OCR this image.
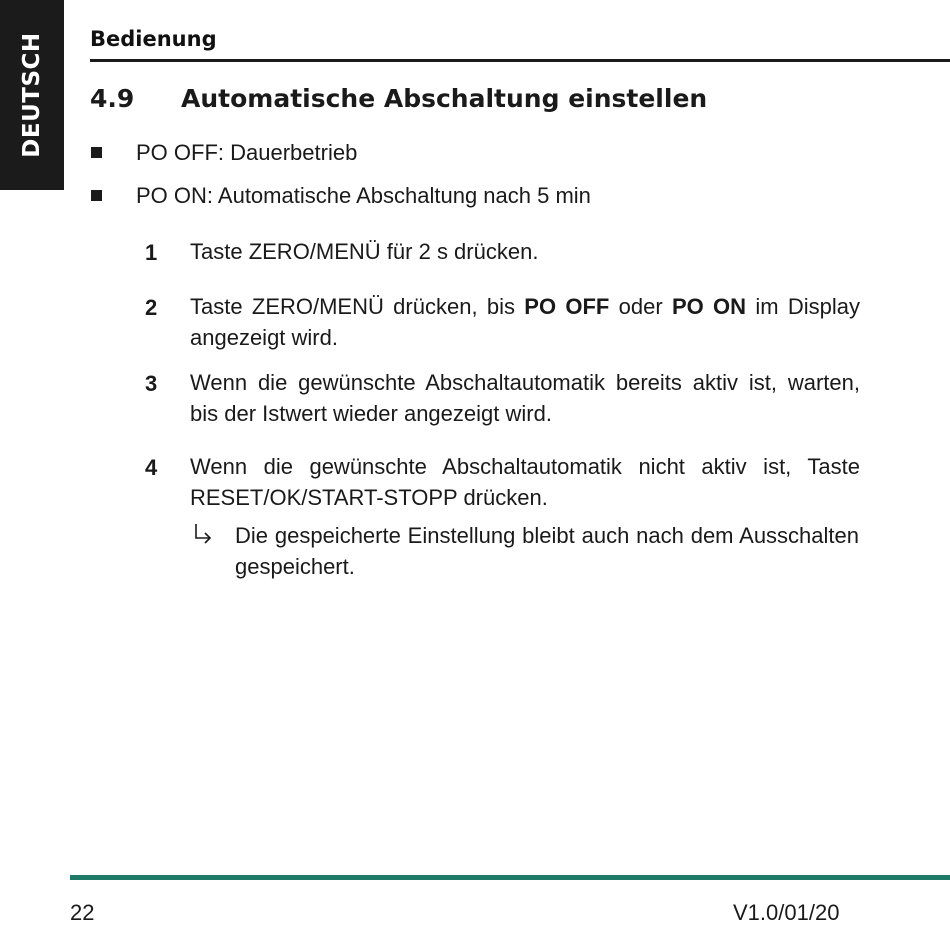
DEUTSCH Bedienung
4.9 Automatische Abschaltung einstellen
PO OFF: Dauerbetrieb
PO ON: Automatische Abschaltung nach 5 min
1 Taste ZERO/MENÜ für 2 s drücken.
2 Taste ZERO/MENÜ drücken, bis PO OFF oder PO ON im Display angezeigt wird.
3 Wenn die gewünschte Abschaltautomatik bereits aktiv ist, warten, bis der Istwert wieder angezeigt wird.
4 Wenn die gewünschte Abschaltautomatik nicht aktiv ist, Taste RESET/OK/START-STOPP drücken.
Die gespeicherte Einstellung bleibt auch nach dem Ausschalten gespeichert.
22	V1.0/01/20
